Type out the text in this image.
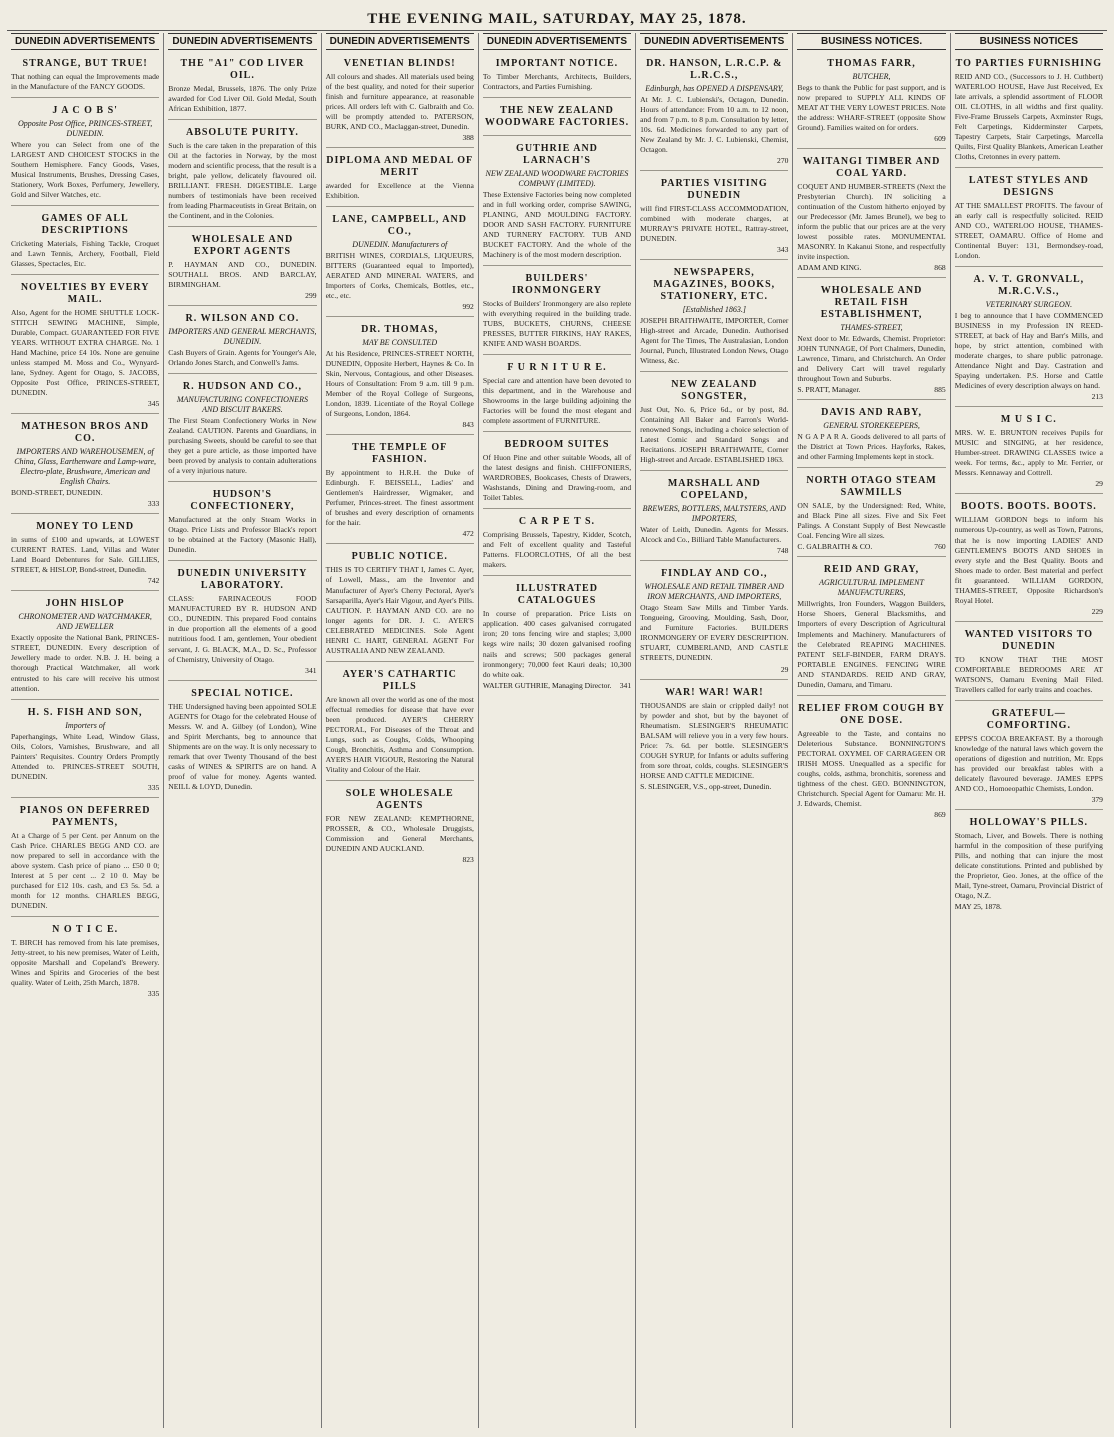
THE EVENING MAIL, SATURDAY, MAY 25, 1878.
DUNEDIN ADVERTISEMENTS
STRANGE, BUT TRUE!
That nothing can equal the Improvements made in the Manufacture of the FANCY GOODS.
J A C O B S'
Opposite Post Office, PRINCES-STREET, DUNEDIN.
Where you can Select from one of the LARGEST AND CHOICEST STOCKS in the Southern Hemisphere. Fancy Goods, Vases, Musical Instruments, Brushes, Dressing Cases, Stationery, Work Boxes, Perfumery, Jewellery, Gold and Silver Watches, etc.
GAMES OF ALL DESCRIPTIONS
Cricketing Materials, Fishing Tackle, Croquet and Lawn Tennis, Archery, Football, Field Glasses, Spectacles, Etc.
NOVELTIES BY EVERY MAIL.
Also, Agent for the HOME SHUTTLE LOCK-STITCH SEWING MACHINE, Simple, Durable, Compact. GUARANTEED FOR FIVE YEARS. WITHOUT EXTRA CHARGE. No. 1 Hand Machine, price £4 10s. None are genuine unless stamped M. Moss and Co., Wynyard-lane, Sydney. Agent for Otago, S. JACOBS, Opposite Post Office, PRINCES-STREET, DUNEDIN.
345
MATHESON BROS AND CO.
IMPORTERS AND WAREHOUSEMEN, of China, Glass, Earthenware and Lamp-ware, Electro-plate, Brushware, American and English Chairs.
BOND-STREET, DUNEDIN.
333
MONEY TO LEND
in sums of £100 and upwards, at LOWEST CURRENT RATES. Land, Villas and Water Land Board Debentures for Sale. GILLIES, STREET, & HISLOP, Bond-street, Dunedin.
742
JOHN HISLOP
CHRONOMETER AND WATCHMAKER, AND JEWELLER
Exactly opposite the National Bank, PRINCES-STREET, DUNEDIN. Every description of Jewellery made to order. N.B. J. H. being a thorough Practical Watchmaker, all work entrusted to his care will receive his utmost attention.
H. S. FISH AND SON,
Importers of
Paperhangings, White Lead, Window Glass, Oils, Colors, Varnishes, Brushware, and all Painters' Requisites. Country Orders Promptly Attended to. PRINCES-STREET SOUTH, DUNEDIN.
335
PIANOS ON DEFERRED PAYMENTS,
At a Charge of 5 per Cent. per Annum on the Cash Price. CHARLES BEGG AND CO. are now prepared to sell in accordance with the above system. Cash price of piano ... £50 0 0; Interest at 5 per cent ... 2 10 0. May be purchased for £12 10s. cash, and £3 5s. 5d. a month for 12 months. CHARLES BEGG, DUNEDIN.
N O T I C E.
T. BIRCH has removed from his late premises, Jetty-street, to his new premises, Water of Leith, opposite Marshall and Copeland's Brewery. Wines and Spirits and Groceries of the best quality. Water of Leith, 25th March, 1878.
335
DUNEDIN ADVERTISEMENTS
THE "A1" COD LIVER OIL.
Bronze Medal, Brussels, 1876. The only Prize awarded for Cod Liver Oil. Gold Medal, South African Exhibition, 1877.
ABSOLUTE PURITY.
Such is the care taken in the preparation of this Oil at the factories in Norway, by the most modern and scientific process, that the result is a bright, pale yellow, delicately flavoured oil. BRILLIANT. FRESH. DIGESTIBLE. Large numbers of testimonials have been received from leading Pharmaceutists in Great Britain, on the Continent, and in the Colonies.
WHOLESALE AND EXPORT AGENTS
P. HAYMAN AND CO., DUNEDIN. SOUTHALL BROS. AND BARCLAY, BIRMINGHAM.
299
R. WILSON AND CO.
IMPORTERS AND GENERAL MERCHANTS, DUNEDIN.
Cash Buyers of Grain. Agents for Younger's Ale, Orlando Jones Starch, and Conwell's Jams.
R. HUDSON AND CO.,
MANUFACTURING CONFECTIONERS AND BISCUIT BAKERS.
The First Steam Confectionery Works in New Zealand. CAUTION. Parents and Guardians, in purchasing Sweets, should be careful to see that they get a pure article, as those imported have been proved by analysis to contain adulterations of a very injurious nature.
HUDSON'S CONFECTIONERY,
Manufactured at the only Steam Works in Otago. Price Lists and Professor Black's report to be obtained at the Factory (Masonic Hall), Dunedin.
DUNEDIN UNIVERSITY LABORATORY.
CLASS: FARINACEOUS FOOD MANUFACTURED BY R. HUDSON AND CO., DUNEDIN. This prepared Food contains in due proportion all the elements of a good nutritious food. I am, gentlemen, Your obedient servant, J. G. BLACK, M.A., D. Sc., Professor of Chemistry, University of Otago.
341
SPECIAL NOTICE.
THE Undersigned having been appointed SOLE AGENTS for Otago for the celebrated House of Messrs. W. and A. Gilbey (of London), Wine and Spirit Merchants, beg to announce that Shipments are on the way. It is only necessary to remark that over Twenty Thousand of the best casks of WINES & SPIRITS are on hand. A proof of value for money. Agents wanted. NEILL & LOYD, Dunedin.
DUNEDIN ADVERTISEMENTS
VENETIAN BLINDS!
All colours and shades. All materials used being of the best quality, and noted for their superior finish and furniture appearance, at reasonable prices. All orders left with C. Galbraith and Co. will be promptly attended to. PATERSON, BURK, AND CO., Maclaggan-street, Dunedin.
388
DIPLOMA AND MEDAL OF MERIT
awarded for Excellence at the Vienna Exhibition.
LANE, CAMPBELL, AND CO.,
DUNEDIN. Manufacturers of
BRITISH WINES, CORDIALS, LIQUEURS, BITTERS (Guaranteed equal to Imported), AERATED AND MINERAL WATERS, and Importers of Corks, Chemicals, Bottles, etc., etc., etc.
992
DR. THOMAS,
MAY BE CONSULTED
At his Residence, PRINCES-STREET NORTH, DUNEDIN, Opposite Herbert, Haynes & Co. In Skin, Nervous, Contagious, and other Diseases. Hours of Consultation: From 9 a.m. till 9 p.m. Member of the Royal College of Surgeons, London, 1839. Licentiate of the Royal College of Surgeons, London, 1864.
843
THE TEMPLE OF FASHION.
By appointment to H.R.H. the Duke of Edinburgh. F. BEISSELL, Ladies' and Gentlemen's Hairdresser, Wigmaker, and Perfumer, Princes-street. The finest assortment of brushes and every description of ornaments for the hair.
472
PUBLIC NOTICE.
THIS IS TO CERTIFY THAT I, James C. Ayer, of Lowell, Mass., am the Inventor and Manufacturer of Ayer's Cherry Pectoral, Ayer's Sarsaparilla, Ayer's Hair Vigour, and Ayer's Pills. CAUTION. P. HAYMAN AND CO. are no longer agents for DR. J. C. AYER'S CELEBRATED MEDICINES. Sole Agent HENRI C. HART, GENERAL AGENT For AUSTRALIA AND NEW ZEALAND.
AYER'S CATHARTIC PILLS
Are known all over the world as one of the most effectual remedies for disease that have ever been produced. AYER'S CHERRY PECTORAL, For Diseases of the Throat and Lungs, such as Coughs, Colds, Whooping Cough, Bronchitis, Asthma and Consumption. AYER'S HAIR VIGOUR, Restoring the Natural Vitality and Colour of the Hair.
SOLE WHOLESALE AGENTS
FOR NEW ZEALAND: KEMPTHORNE, PROSSER, & CO., Wholesale Druggists, Commission and General Merchants, DUNEDIN AND AUCKLAND.
823
DUNEDIN ADVERTISEMENTS
IMPORTANT NOTICE.
To Timber Merchants, Architects, Builders, Contractors, and Parties Furnishing.
THE NEW ZEALAND WOODWARE FACTORIES.
GUTHRIE AND LARNACH'S
NEW ZEALAND WOODWARE FACTORIES COMPANY (LIMITED).
These Extensive Factories being now completed and in full working order, comprise SAWING, PLANING, AND MOULDING FACTORY. DOOR AND SASH FACTORY. FURNITURE AND TURNERY FACTORY. TUB AND BUCKET FACTORY. And the whole of the Machinery is of the most modern description.
BUILDERS' IRONMONGERY
Stocks of Builders' Ironmongery are also replete with everything required in the building trade. TUBS, BUCKETS, CHURNS, CHEESE PRESSES, BUTTER FIRKINS, HAY RAKES, KNIFE AND WASH BOARDS.
F U R N I T U R E.
Special care and attention have been devoted to this department, and in the Warehouse and Showrooms in the large building adjoining the Factories will be found the most elegant and complete assortment of FURNITURE.
BEDROOM SUITES
Of Huon Pine and other suitable Woods, all of the latest designs and finish. CHIFFONIERS, WARDROBES, Bookcases, Chests of Drawers, Washstands, Dining and Drawing-room, and Toilet Tables.
C A R P E T S.
Comprising Brussels, Tapestry, Kidder, Scotch, and Felt of excellent quality and Tasteful Patterns. FLOORCLOTHS, Of all the best makers.
ILLUSTRATED CATALOGUES
In course of preparation. Price Lists on application. 400 cases galvanised corrugated iron; 20 tons fencing wire and staples; 3,000 kegs wire nails; 30 dozen galvanised roofing nails and screws; 500 packages general ironmongery; 70,000 feet Kauri deals; 10,300 do white oak.
WALTER GUTHRIE, Managing Director. 341
DUNEDIN ADVERTISEMENTS
DR. HANSON, L.R.C.P. & L.R.C.S.,
Edinburgh, has OPENED A DISPENSARY,
At Mr. J. C. Lubienski's, Octagon, Dunedin. Hours of attendance: From 10 a.m. to 12 noon, and from 7 p.m. to 8 p.m. Consultation by letter, 10s. 6d. Medicines forwarded to any part of New Zealand by Mr. J. C. Lubienski, Chemist, Octagon.
270
PARTIES VISITING DUNEDIN
will find FIRST-CLASS ACCOMMODATION, combined with moderate charges, at MURRAY'S PRIVATE HOTEL, Rattray-street, DUNEDIN.
343
NEWSPAPERS, MAGAZINES, BOOKS, STATIONERY, ETC.
[Established 1863.]
JOSEPH BRAITHWAITE, IMPORTER, Corner High-street and Arcade, Dunedin. Authorised Agent for The Times, The Australasian, London Journal, Punch, Illustrated London News, Otago Witness, &c.
NEW ZEALAND SONGSTER,
Just Out, No. 6, Price 6d., or by post, 8d. Containing All Baker and Farron's World-renowned Songs, including a choice selection of Latest Comic and Standard Songs and Recitations. JOSEPH BRAITHWAITE, Corner High-street and Arcade. ESTABLISHED 1863.
MARSHALL AND COPELAND,
BREWERS, BOTTLERS, MALTSTERS, AND IMPORTERS,
Water of Leith, Dunedin. Agents for Messrs. Alcock and Co., Billiard Table Manufacturers.
748
FINDLAY AND CO.,
WHOLESALE AND RETAIL TIMBER AND IRON MERCHANTS, AND IMPORTERS,
Otago Steam Saw Mills and Timber Yards. Tongueing, Grooving, Moulding, Sash, Door, and Furniture Factories. BUILDERS IRONMONGERY OF EVERY DESCRIPTION. STUART, CUMBERLAND, AND CASTLE STREETS, DUNEDIN.
29
WAR! WAR! WAR!
THOUSANDS are slain or crippled daily! not by powder and shot, but by the bayonet of Rheumatism. SLESINGER'S RHEUMATIC BALSAM will relieve you in a very few hours. Price: 7s. 6d. per bottle. SLESINGER'S COUGH SYRUP, for Infants or adults suffering from sore throat, colds, coughs. SLESINGER'S HORSE AND CATTLE MEDICINE.
S. SLESINGER, V.S., opp-street, Dunedin.
BUSINESS NOTICES.
THOMAS FARR,
BUTCHER,
Begs to thank the Public for past support, and is now prepared to SUPPLY ALL KINDS OF MEAT AT THE VERY LOWEST PRICES. Note the address: WHARF-STREET (opposite Show Ground). Families waited on for orders.
609
WAITANGI TIMBER AND COAL YARD.
COQUET AND HUMBER-STREETS (Next the Presbyterian Church). IN soliciting a continuation of the Custom hitherto enjoyed by our Predecessor (Mr. James Brunel), we beg to inform the public that our prices are at the very lowest possible rates. MONUMENTAL MASONRY. In Kakanui Stone, and respectfully invite inspection.
ADAM AND KING.	868
WHOLESALE AND RETAIL FISH ESTABLISHMENT,
THAMES-STREET,
Next door to Mr. Edwards, Chemist. Proprietor: JOHN TUNNAGE, Of Port Chalmers, Dunedin, Lawrence, Timaru, and Christchurch. An Order and Delivery Cart will travel regularly throughout Town and Suburbs.
S. PRATT, Manager.	885
DAVIS AND RABY,
GENERAL STOREKEEPERS,
N G A P A R A. Goods delivered to all parts of the District at Town Prices. Hayforks, Rakes, and other Farming Implements kept in stock.
NORTH OTAGO STEAM SAWMILLS
ON SALE, by the Undersigned: Red, White, and Black Pine all sizes. Five and Six Feet Palings. A Constant Supply of Best Newcastle Coal. Fencing Wire all sizes.
C. GALBRAITH & CO.	760
REID AND GRAY,
AGRICULTURAL IMPLEMENT MANUFACTURERS,
Millwrights, Iron Founders, Waggon Builders, Horse Shoers, General Blacksmiths, and Importers of every Description of Agricultural Implements and Machinery. Manufacturers of the Celebrated REAPING MACHINES. PATENT SELF-BINDER, FARM DRAYS. PORTABLE ENGINES. FENCING WIRE AND STANDARDS. REID AND GRAY, Dunedin, Oamaru, and Timaru.
RELIEF FROM COUGH BY ONE DOSE.
Agreeable to the Taste, and contains no Deleterious Substance. BONNINGTON'S PECTORAL OXYMEL OF CARRAGEEN OR IRISH MOSS. Unequalled as a specific for coughs, colds, asthma, bronchitis, soreness and tightness of the chest. GEO. BONNINGTON, Christchurch. Special Agent for Oamaru: Mr. H. J. Edwards, Chemist.
869
BUSINESS NOTICES
TO PARTIES FURNISHING
REID AND CO., (Successors to J. H. Cuthbert) WATERLOO HOUSE, Have Just Received, Ex late arrivals, a splendid assortment of FLOOR OIL CLOTHS, in all widths and first quality. Five-Frame Brussels Carpets, Axminster Rugs, Felt Carpetings, Kidderminster Carpets, Tapestry Carpets, Stair Carpetings, Marcella Quilts, First Quality Blankets, American Leather Cloths, Cretonnes in every pattern.
LATEST STYLES AND DESIGNS
AT THE SMALLEST PROFITS. The favour of an early call is respectfully solicited. REID AND CO., WATERLOO HOUSE, THAMES-STREET, OAMARU. Office of Home and Continental Buyer: 131, Bermondsey-road, London.
A. V. T. GRONVALL, M.R.C.V.S.,
VETERINARY SURGEON.
I beg to announce that I have COMMENCED BUSINESS in my Profession IN REED-STREET, at back of Hay and Barr's Mills, and hope, by strict attention, combined with moderate charges, to share public patronage. Attendance Night and Day. Castration and Spaying undertaken. P.S. Horse and Cattle Medicines of every description always on hand.
213
M U S I C.
MRS. W. E. BRUNTON receives Pupils for MUSIC and SINGING, at her residence, Humber-street. DRAWING CLASSES twice a week. For terms, &c., apply to Mr. Ferrier, or Messrs. Kennaway and Cottrell.
29
BOOTS. BOOTS. BOOTS.
WILLIAM GORDON begs to inform his numerous Up-country, as well as Town, Patrons, that he is now importing LADIES' AND GENTLEMEN'S BOOTS AND SHOES in every style and the Best Quality. Boots and Shoes made to order. Best material and perfect fit guaranteed. WILLIAM GORDON, THAMES-STREET, Opposite Richardson's Royal Hotel.
229
WANTED VISITORS TO DUNEDIN
TO KNOW THAT THE MOST COMFORTABLE BEDROOMS ARE AT WATSON'S, Oamaru Evening Mail Filed. Travellers called for early trains and coaches.
GRATEFUL—COMFORTING.
EPPS'S COCOA BREAKFAST. By a thorough knowledge of the natural laws which govern the operations of digestion and nutrition, Mr. Epps has provided our breakfast tables with a delicately flavoured beverage. JAMES EPPS AND CO., Homoeopathic Chemists, London.
379
HOLLOWAY'S PILLS.
Stomach, Liver, and Bowels. There is nothing harmful in the composition of these purifying Pills, and nothing that can injure the most delicate constitutions. Printed and published by the Proprietor, Geo. Jones, at the office of the Mail, Tyne-street, Oamaru, Provincial District of Otago, N.Z.
MAY 25, 1878.
